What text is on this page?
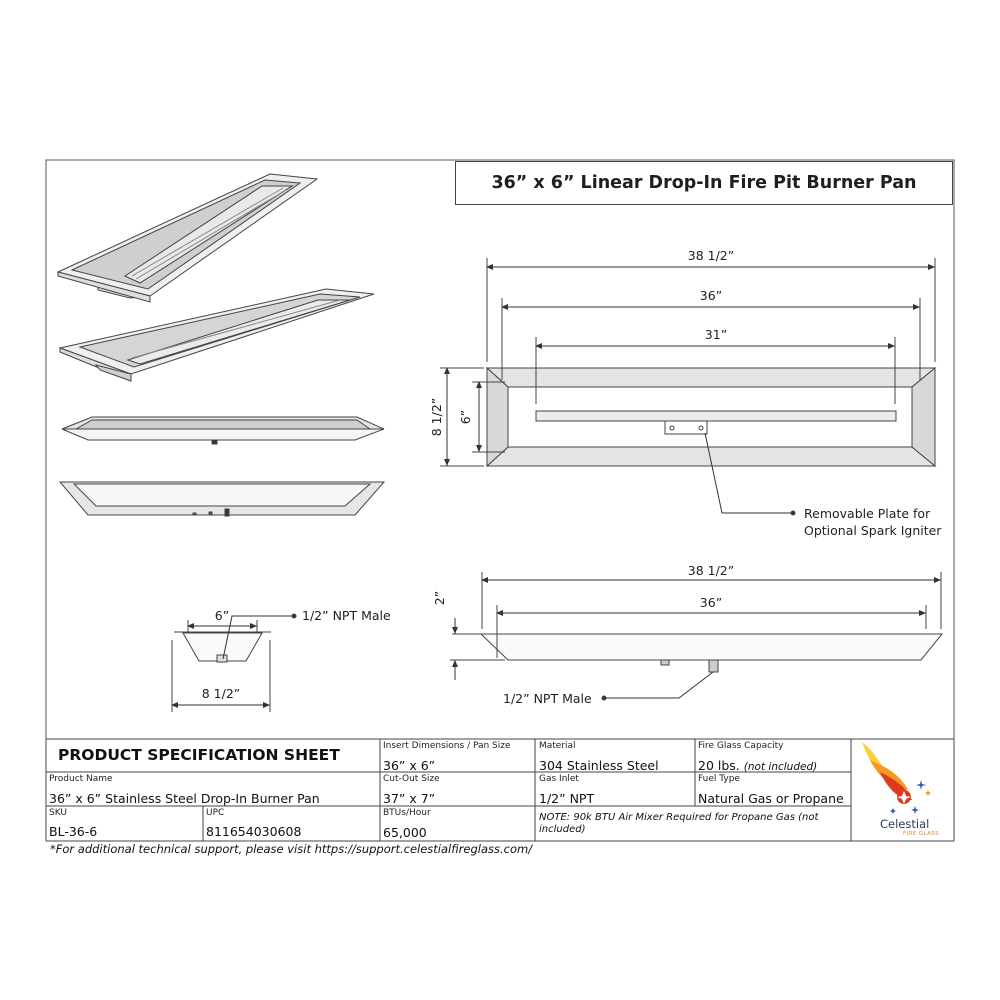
38 1/2”
36”
31”
8 1/2” 6”
38 1/2”
36”
2”
6”
8 1/2”
Removable Plate for
Optional Spark Igniter
1/2” NPT Male
1/2” NPT Male
36” x 6” Linear Drop-In Fire Pit Burner Pan
PRODUCT SPECIFICATION SHEET	Insert Dimensions / Pan Size
36” x 6”
Material
304 Stainless Steel
Fire Glass Capacity
20 lbs. (not included)
Product Name
36” x 6” Stainless Steel Drop-In Burner Pan
Cut-Out Size
37” x 7”
Gas Inlet
1/2” NPT
Fuel Type
Natural Gas or Propane
SKU
BL-36-6
UPC
811654030608
BTUs/Hour
65,000
NOTE: 90k BTU Air Mixer Required for Propane Gas (not included)	Celestial
FIRE GLASS
*For additional technical support, please visit https://support.celestialfireglass.com/
